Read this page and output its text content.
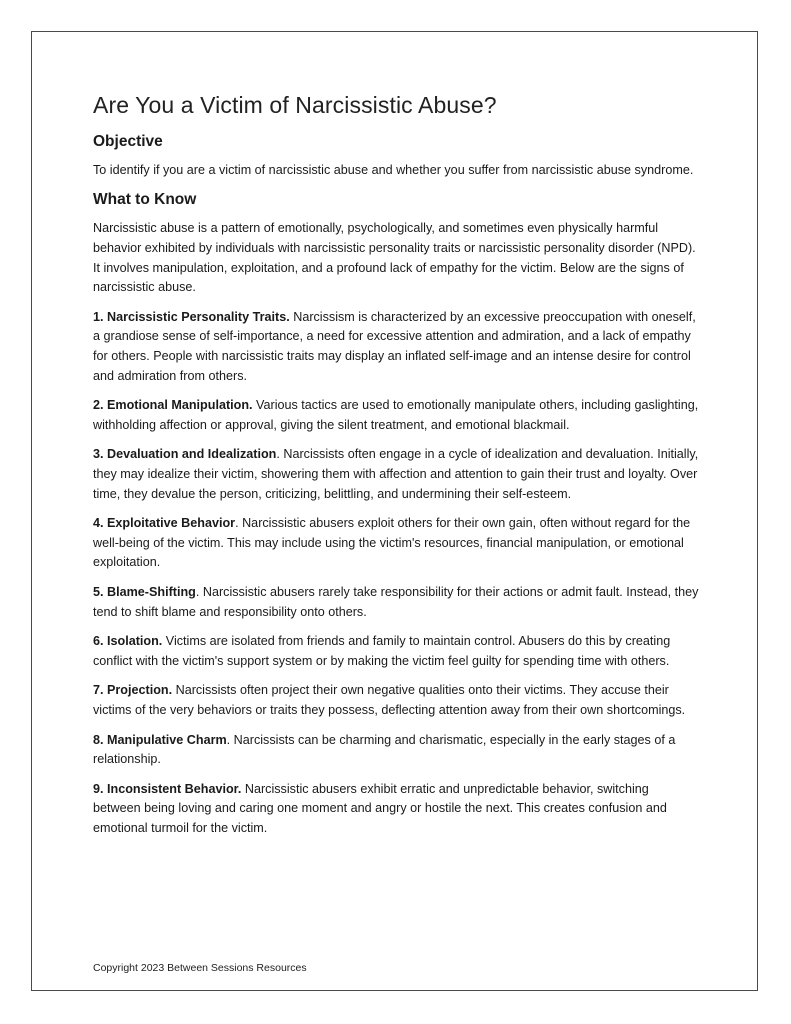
Are You a Victim of Narcissistic Abuse?
Objective

To identify if you are a victim of narcissistic abuse and whether you suffer from narcissistic abuse syndrome.

What to Know

Narcissistic abuse is a pattern of emotionally, psychologically, and sometimes even physically harmful behavior exhibited by individuals with narcissistic personality traits or narcissistic personality disorder (NPD). It involves manipulation, exploitation, and a profound lack of empathy for the victim. Below are the signs of narcissistic abuse.

1. Narcissistic Personality Traits. Narcissism is characterized by an excessive preoccupation with oneself, a grandiose sense of self-importance, a need for excessive attention and admiration, and a lack of empathy for others. People with narcissistic traits may display an inflated self-image and an intense desire for control and admiration from others.

2. Emotional Manipulation. Various tactics are used to emotionally manipulate others, including gaslighting, withholding affection or approval, giving the silent treatment, and emotional blackmail.

3. Devaluation and Idealization. Narcissists often engage in a cycle of idealization and devaluation. Initially, they may idealize their victim, showering them with affection and attention to gain their trust and loyalty. Over time, they devalue the person, criticizing, belittling, and undermining their self-esteem.

4. Exploitative Behavior. Narcissistic abusers exploit others for their own gain, often without regard for the well-being of the victim. This may include using the victim's resources, financial manipulation, or emotional exploitation.

5. Blame-Shifting. Narcissistic abusers rarely take responsibility for their actions or admit fault. Instead, they tend to shift blame and responsibility onto others.

6. Isolation. Victims are isolated from friends and family to maintain control. Abusers do this by creating conflict with the victim's support system or by making the victim feel guilty for spending time with others.

7. Projection. Narcissists often project their own negative qualities onto their victims. They accuse their victims of the very behaviors or traits they possess, deflecting attention away from their own shortcomings.

8. Manipulative Charm. Narcissists can be charming and charismatic, especially in the early stages of a relationship.

9. Inconsistent Behavior. Narcissistic abusers exhibit erratic and unpredictable behavior, switching between being loving and caring one moment and angry or hostile the next. This creates confusion and emotional turmoil for the victim.

Copyright 2023 Between Sessions Resources
